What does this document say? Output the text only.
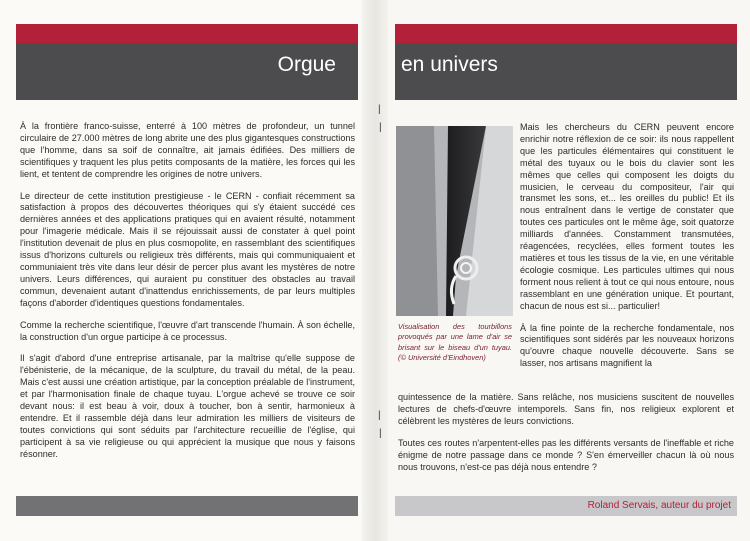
Orgue	en univers

À la frontière franco-suisse, enterré à 100 mètres de profondeur, un tunnel circulaire de 27.000 mètres de long abrite une des plus gigantesques constructions que l'homme, dans sa soif de connaître, ait jamais édifiées. Des milliers de scientifiques y traquent les plus petits composants de la matière, les forces qui les lient, et tentent de comprendre les origines de notre univers.

Le directeur de cette institution prestigieuse - le CERN - confiait récemment sa satisfaction à propos des découvertes théoriques qui s'y étaient succédé ces dernières années et des applications pratiques qui en avaient résulté, notamment pour l'imagerie médicale. Mais il se réjouissait aussi de constater à quel point l'institution devenait de plus en plus cosmopolite, en rassemblant des scientifiques issus d'horizons culturels ou religieux très différents, mais qui communiquaient et communiaient très vite dans leur désir de percer plus avant les mystères de notre univers. Leurs différences, qui auraient pu constituer des obstacles au travail commun, devenaient autant d'inattendus enrichissements, de par leurs multiples façons d'aborder d'identiques questions fondamentales.

Comme la recherche scientifique, l'œuvre d'art transcende l'humain. À son échelle, la construction d'un orgue participe à ce processus.

Il s'agit d'abord d'une entreprise artisanale, par la maîtrise qu'elle suppose de l'ébénisterie, de la mécanique, de la sculpture, du travail du métal, de la peau. Mais c'est aussi une création artistique, par la conception préalable de l'instrument, et par l'harmonisation finale de chaque tuyau. L'orgue achevé se trouve ce soir devant nous: il est beau à voir, doux à toucher, bon à sentir, harmonieux à entendre. Et il rassemble déjà dans leur admiration les milliers de visiteurs de toutes convictions qui sont séduits par l'architecture recueillie de l'église, qui participent à sa vie religieuse ou qui apprécient la musique que nous y faisons résonner.

Visualisation des tourbillons provoqués par une lame d'air se brisant sur le biseau d'un tuyau. (© Université d'Eindhoven)

Mais les chercheurs du CERN peuvent encore enrichir notre réflexion de ce soir: ils nous rappellent que les particules élémentaires qui constituent le métal des tuyaux ou le bois du clavier sont les mêmes que celles qui composent les doigts du musicien, le cerveau du compositeur, l'air qui transmet les sons, et... les oreilles du public! Et ils nous entraînent dans le vertige de constater que toutes ces particules ont le même âge, soit quatorze milliards d'années. Constamment transmutées, réagencées, recyclées, elles forment toutes les matières et tous les tissus de la vie, en une véritable écologie cosmique. Les particules ultimes qui nous forment nous relient à tout ce qui nous entoure, nous rassemblant en une génération unique. Et pourtant, chacun de nous est si... particulier!

À la fine pointe de la recherche fondamentale, nos scientifiques sont sidérés par les nouveaux horizons qu'ouvre chaque nouvelle découverte. Sans se lasser, nos artisans magnifient la

quintessence de la matière. Sans relâche, nos musiciens suscitent de nouvelles lectures de chefs-d'œuvre intemporels. Sans fin, nos religieux explorent et célèbrent les mystères de leurs convictions.

Toutes ces routes n'arpentent-elles pas les différents versants de l'ineffable et riche énigme de notre passage dans ce monde ? S'en émerveiller chacun là où nous nous trouvons, n'est-ce pas déjà nous entendre ?

|
|
|
|
Roland Servais, auteur du projet
